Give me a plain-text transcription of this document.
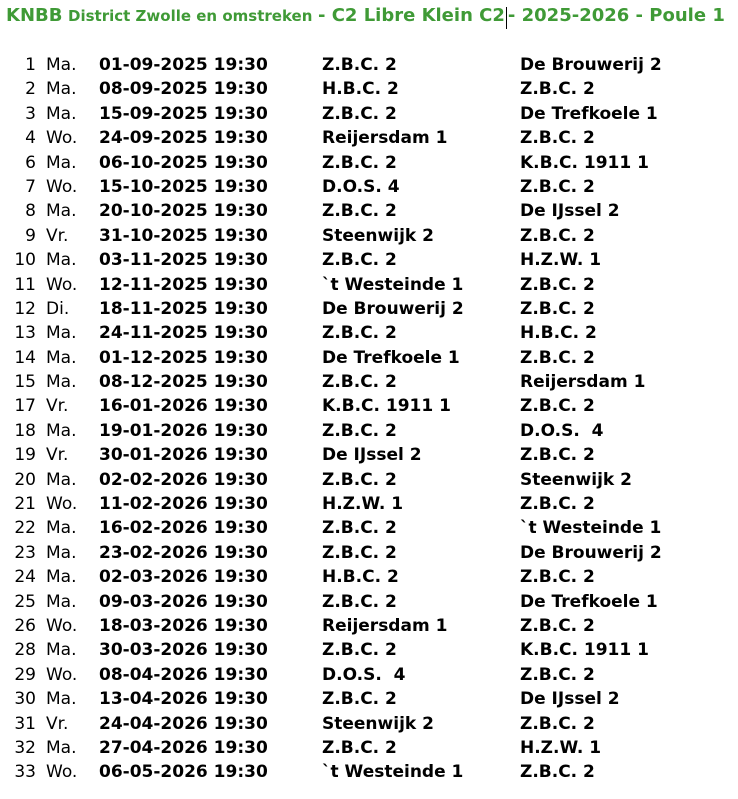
KNBB
District Zwolle en omstreken
- C2 Libre Klein C2 - 2025-2026 - Poule 1
1 Ma. 01-09-2025 19:30	Z.B.C. 2	De Brouwerij 2
2 Ma. 08-09-2025 19:30	H.B.C. 2	Z.B.C. 2
3 Ma. 15-09-2025 19:30	Z.B.C. 2	De Trefkoele 1
4 Wo. 24-09-2025 19:30	Reijersdam 1	Z.B.C. 2
6 Ma. 06-10-2025 19:30	Z.B.C. 2	K.B.C. 1911 1
7 Wo. 15-10-2025 19:30	D.O.S. 4	Z.B.C. 2
8 Ma. 20-10-2025 19:30	Z.B.C. 2	De IJssel 2
9 Vr. 31-10-2025 19:30	Steenwijk 2	Z.B.C. 2
10 Ma. 03-11-2025 19:30	Z.B.C. 2	H.Z.W. 1
11 Wo. 12-11-2025 19:30	`t Westeinde 1	Z.B.C. 2
12 Di. 18-11-2025 19:30	De Brouwerij 2	Z.B.C. 2
13 Ma. 24-11-2025 19:30	Z.B.C. 2	H.B.C. 2
14 Ma. 01-12-2025 19:30	De Trefkoele 1	Z.B.C. 2
15 Ma. 08-12-2025 19:30	Z.B.C. 2	Reijersdam 1
17 Vr. 16-01-2026 19:30	K.B.C. 1911 1	Z.B.C. 2
18 Ma. 19-01-2026 19:30	Z.B.C. 2	D.O.S.  4
19 Vr. 30-01-2026 19:30	De IJssel 2	Z.B.C. 2
20 Ma. 02-02-2026 19:30	Z.B.C. 2	Steenwijk 2
21 Wo. 11-02-2026 19:30	H.Z.W. 1	Z.B.C. 2
22 Ma. 16-02-2026 19:30	Z.B.C. 2	`t Westeinde 1
23 Ma. 23-02-2026 19:30	Z.B.C. 2	De Brouwerij 2
24 Ma. 02-03-2026 19:30	H.B.C. 2	Z.B.C. 2
25 Ma. 09-03-2026 19:30	Z.B.C. 2	De Trefkoele 1
26 Wo. 18-03-2026 19:30	Reijersdam 1	Z.B.C. 2
28 Ma. 30-03-2026 19:30	Z.B.C. 2	K.B.C. 1911 1
29 Wo. 08-04-2026 19:30	D.O.S.  4	Z.B.C. 2
30 Ma. 13-04-2026 19:30	Z.B.C. 2	De IJssel 2
31 Vr. 24-04-2026 19:30	Steenwijk 2	Z.B.C. 2
32 Ma. 27-04-2026 19:30	Z.B.C. 2	H.Z.W. 1
33 Wo. 06-05-2026 19:30	`t Westeinde 1	Z.B.C. 2
